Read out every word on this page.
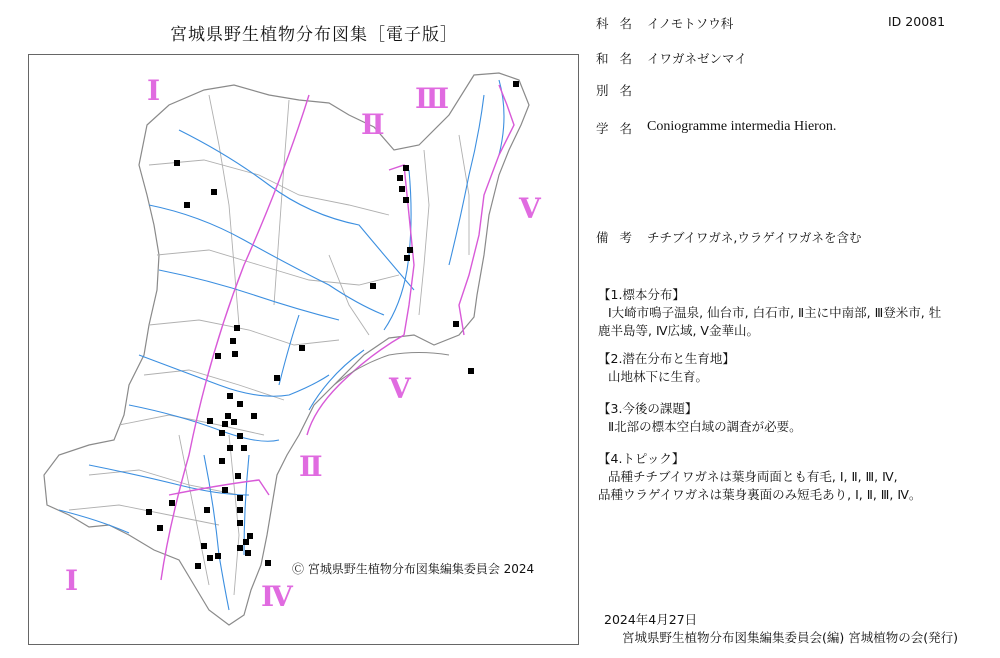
宮城県野生植物分布図集［電子版］
Ⅰ
Ⅱ
Ⅲ
Ⅴ
Ⅴ
Ⅱ
Ⅰ	Ⅳ
Ⓒ 宮城県野生植物分布図集編集委員会 2024
科名 イノモトソウ科	ID 20081
和名 イワガネゼンマイ
別名
学名 Coniogramme intermedia Hieron.
備考 チチブイワガネ,ウラゲイワガネを含む
【1.標本分布】
Ⅰ大崎市鳴子温泉, 仙台市, 白石市, Ⅱ主に中南部, Ⅲ登米市, 牡
鹿半島等, Ⅳ広域, Ⅴ金華山。
【2.潜在分布と生育地】
山地林下に生育。
【3.今後の課題】
Ⅱ北部の標本空白域の調査が必要。
【4.トピック】
品種チチブイワガネは葉身両面とも有毛, Ⅰ, Ⅱ, Ⅲ, Ⅳ,
品種ウラゲイワガネは葉身裏面のみ短毛あり, Ⅰ, Ⅱ, Ⅲ, Ⅳ。
2024年4月27日
宮城県野生植物分布図集編集委員会(編) 宮城植物の会(発行)
